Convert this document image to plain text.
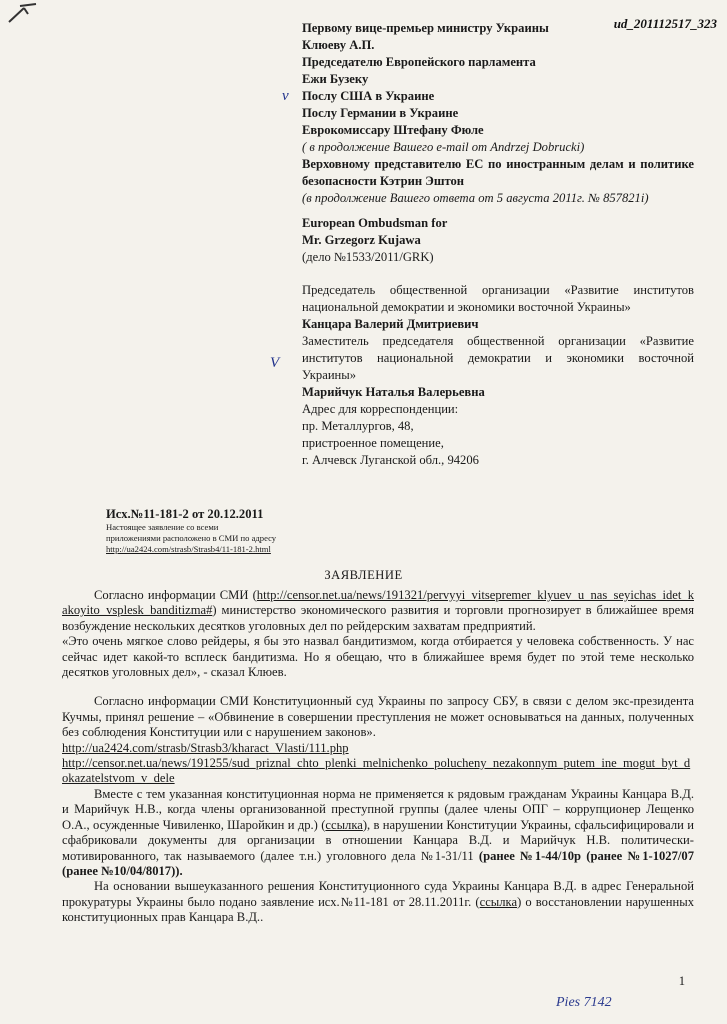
ud_201112517_323

Первому вице-премьер министру Украины

Клюеву А.П.

Председателю Европейского парламента

Ежи Бузеку

Послу США в Украине

Послу Германии в Украине

Еврокомиссару Штефану Фюле

( в продолжение Вашего e-mail от Andrzej Dobrucki)

Верховному представителю ЕС по иностранным делам и политике безопасности Кэтрин Эштон

(в продолжение Вашего ответа от 5 августа 2011г. № 857821i)

European Ombudsman for

Mr. Grzegorz Kujawa

(дело №1533/2011/GRK)

Председатель общественной организации «Развитие институтов национальной демократии и экономики восточной Украины»

Канцара Валерий Дмитриевич

Заместитель председателя общественной организации «Развитие институтов национальной демократии и экономики восточной Украины»

Марийчук Наталья Валерьевна

Адрес для корреспонденции:

пр. Металлургов, 48,

пристроенное помещение,

г. Алчевск Луганской обл., 94206

ν
V
Исх.№11-181-2 от 20.12.2011
Настоящее заявление со всеми
приложениями расположено в СМИ по адресу
http://ua2424.com/strasb/Strasb4/11-181-2.html
ЗАЯВЛЕНИЕ

Согласно информации СМИ (http://censor.net.ua/news/191321/pervyyi_vitsepremer_klyuev_u_nas_seyichas_idet_kakoyito_vsplesk_banditizma#) министерство экономического развития и торговли прогнозирует в ближайшее время возбуждение нескольких десятков уголовных дел по рейдерским захватам предприятий.

«Это очень мягкое слово рейдеры, я бы это назвал бандитизмом, когда отбирается у человека собственность. У нас сейчас идет какой-то всплеск бандитизма. Но я обещаю, что в ближайшее время будет по этой теме несколько десятков уголовных дел», - сказал Клюев.

Согласно информации СМИ Конституционный суд Украины по запросу СБУ, в связи с делом экс-президента Кучмы, принял решение – «Обвинение в совершении преступления не может основываться на данных, полученных без соблюдения Конституции или с нарушением законов».

http://ua2424.com/strasb/Strasb3/kharact_Vlasti/111.php

http://censor.net.ua/news/191255/sud_priznal_chto_plenki_melnichenko_polucheny_nezakonnym_putem_ine_mogut_byt_dokazatelstvom_v_dele

Вместе с тем указанная конституционная норма не применяется к рядовым гражданам Украины Канцара В.Д. и Марийчук Н.В., когда члены организованной преступной группы (далее члены ОПГ – коррупционер Лещенко О.А., осужденные Чивиленко, Шаройкин и др.) (ссылка), в нарушении Конституции Украины, сфальсифицировали и сфабриковали документы для организации в отношении Канцара В.Д. и Марийчук Н.В. политически-мотивированного, так называемого (далее т.н.) уголовного дела №1-31/11 (ранее №1-44/10р (ранее №1-1027/07 (ранее №10/04/8017)).

На основании вышеуказанного решения Конституционного суда Украины Канцара В.Д. в адрес Генеральной прокуратуры Украины было подано заявление исх.№11-181 от 28.11.2011г. (ссылка) о восстановлении нарушенных конституционных прав Канцара В.Д..

1
Pies 7142
